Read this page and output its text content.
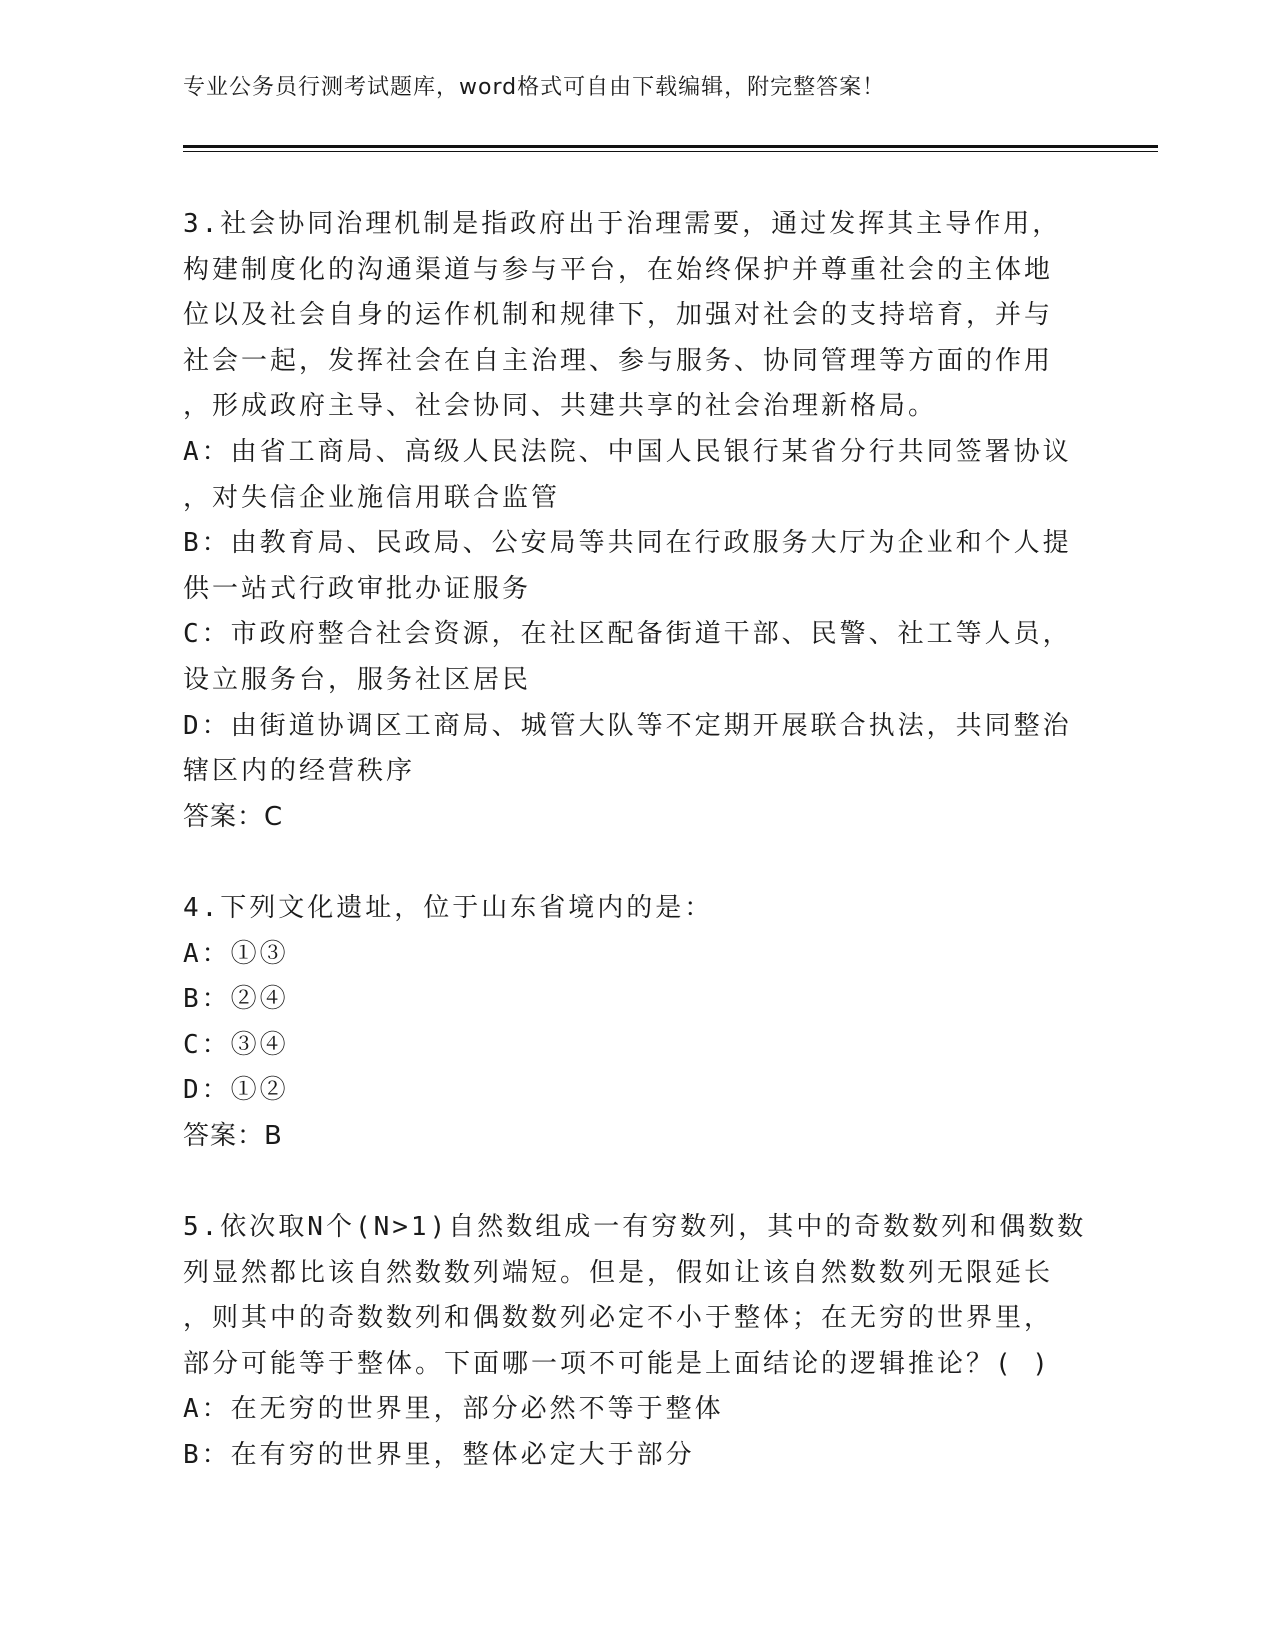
专业公务员行测考试题库，word格式可自由下载编辑，附完整答案！
3.社会协同治理机制是指政府出于治理需要，通过发挥其主导作用，
构建制度化的沟通渠道与参与平台，在始终保护并尊重社会的主体地
位以及社会自身的运作机制和规律下，加强对社会的支持培育，并与
社会一起，发挥社会在自主治理、参与服务、协同管理等方面的作用
，形成政府主导、社会协同、共建共享的社会治理新格局。
A：由省工商局、高级人民法院、中国人民银行某省分行共同签署协议
，对失信企业施信用联合监管
B：由教育局、民政局、公安局等共同在行政服务大厅为企业和个人提
供一站式行政审批办证服务
C：市政府整合社会资源，在社区配备街道干部、民警、社工等人员，
设立服务台，服务社区居民
D：由街道协调区工商局、城管大队等不定期开展联合执法，共同整治
辖区内的经营秩序
答案：C
4.下列文化遗址，位于山东省境内的是：
A：①③
B：②④
C：③④
D：①②
答案：B
5.依次取N个(N>1)自然数组成一有穷数列，其中的奇数数列和偶数数
列显然都比该自然数数列端短。但是，假如让该自然数数列无限延长
，则其中的奇数数列和偶数数列必定不小于整体；在无穷的世界里，
部分可能等于整体。下面哪一项不可能是上面结论的逻辑推论？( )
A：在无穷的世界里，部分必然不等于整体
B：在有穷的世界里，整体必定大于部分
